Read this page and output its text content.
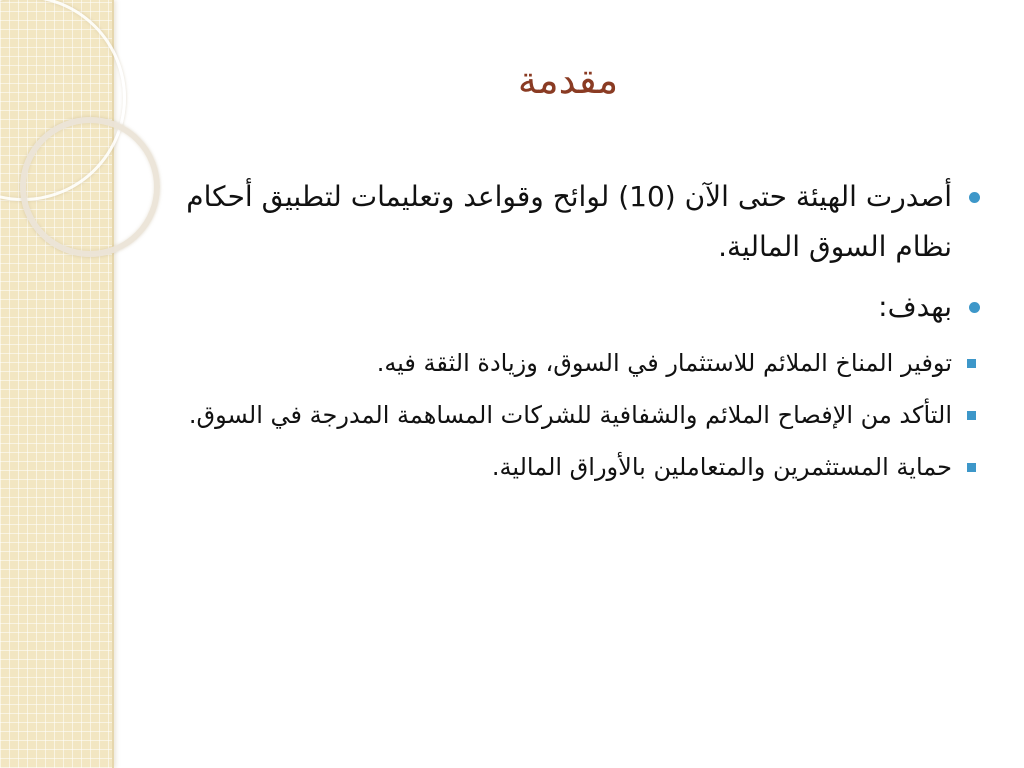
مقدمة
أصدرت الهيئة حتى الآن (10) لوائح وقواعد وتعليمات لتطبيق أحكام نظام السوق المالية.
بهدف:
توفير المناخ الملائم للاستثمار في السوق، وزيادة الثقة فيه.
التأكد من الإفصاح الملائم والشفافية للشركات المساهمة المدرجة في السوق.
حماية المستثمرين والمتعاملين بالأوراق المالية.
